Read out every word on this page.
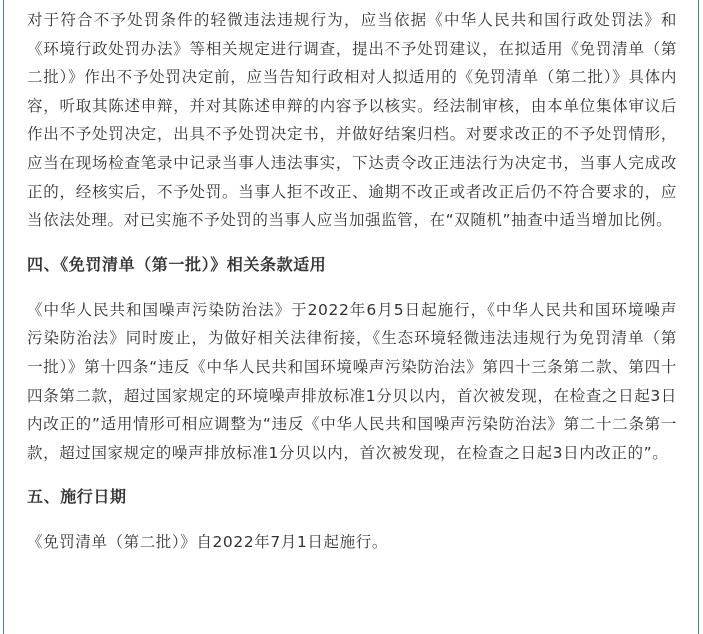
对于符合不予处罚条件的轻微违法违规行为，应当依据《中华人民共和国行政处罚法》和《环境行政处罚办法》等相关规定进行调查，提出不予处罚建议，在拟适用《免罚清单（第二批）》作出不予处罚决定前，应当告知行政相对人拟适用的《免罚清单（第二批）》具体内容，听取其陈述申辩，并对其陈述申辩的内容予以核实。经法制审核，由本单位集体审议后作出不予处罚决定，出具不予处罚决定书，并做好结案归档。对要求改正的不予处罚情形，应当在现场检查笔录中记录当事人违法事实，下达责令改正违法行为决定书，当事人完成改正的，经核实后，不予处罚。当事人拒不改正、逾期不改正或者改正后仍不符合要求的，应当依法处理。对已实施不予处罚的当事人应当加强监管，在“双随机”抽查中适当增加比例。

四、《免罚清单（第一批）》相关条款适用

《中华人民共和国噪声污染防治法》于2022年6月5日起施行，《中华人民共和国环境噪声污染防治法》同时废止，为做好相关法律衔接，《生态环境轻微违法违规行为免罚清单（第一批）》第十四条“违反《中华人民共和国环境噪声污染防治法》第四十三条第二款、第四十四条第二款，超过国家规定的环境噪声排放标准1分贝以内，首次被发现，在检查之日起3日内改正的”适用情形可相应调整为“违反《中华人民共和国噪声污染防治法》第二十二条第一款，超过国家规定的噪声排放标准1分贝以内，首次被发现，在检查之日起3日内改正的”。

五、施行日期

《免罚清单（第二批）》自2022年7月1日起施行。
